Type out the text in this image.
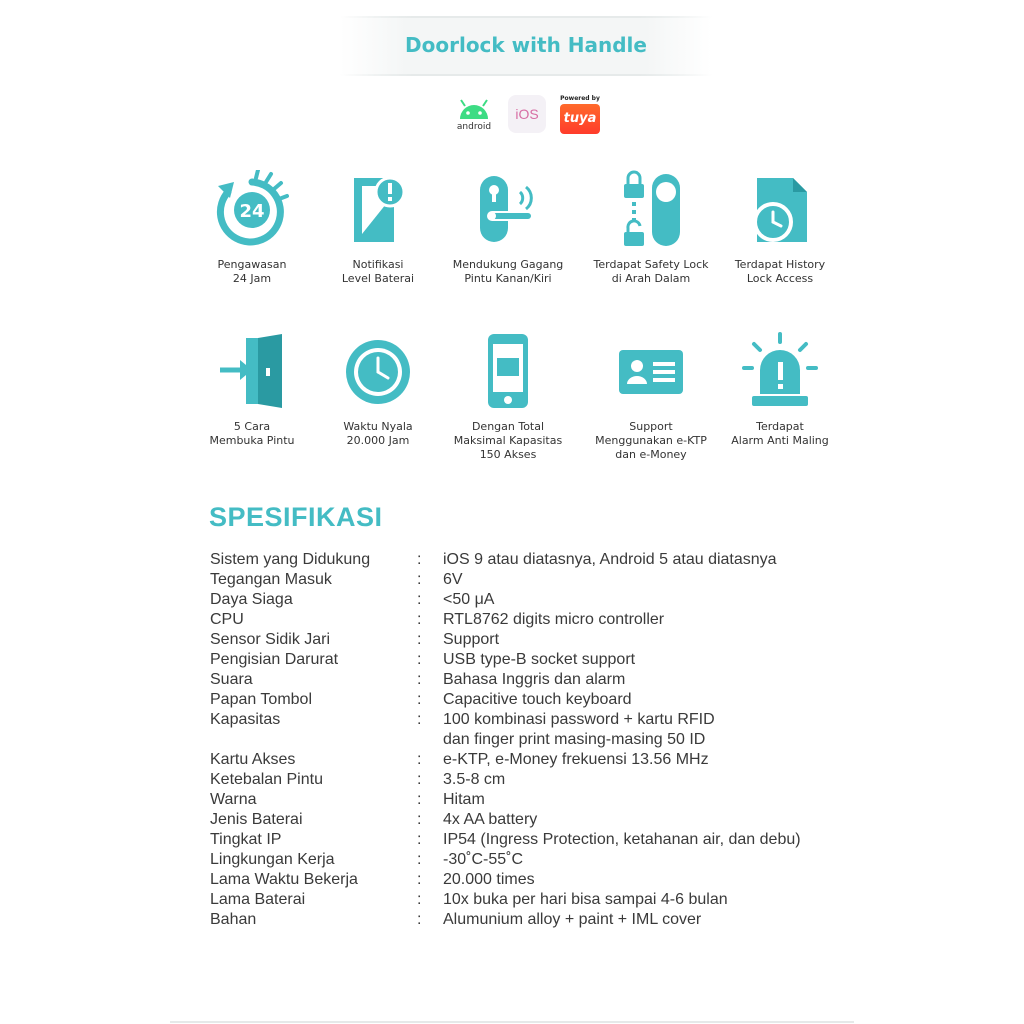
Doorlock with Handle
android
iOS
Powered by
tuya
24
Pengawasan
24 Jam
Notifikasi
Level Baterai
Mendukung Gagang
Pintu Kanan/Kiri
Terdapat Safety Lock
di Arah Dalam
Terdapat History
Lock Access
5 Cara
Membuka Pintu
Waktu Nyala
20.000 Jam
Dengan Total
Maksimal Kapasitas
150 Akses
Support
Menggunakan e-KTP
dan e-Money
Terdapat
Alarm Anti Maling
SPESIFIKASI
Sistem yang Didukung	:	iOS 9 atau diatasnya, Android 5 atau diatasnya
Tegangan Masuk	:	6V
Daya Siaga	:	<50 μA
CPU	:	RTL8762 digits micro controller
Sensor Sidik Jari	:	Support
Pengisian Darurat	:	USB type-B socket support
Suara	:	Bahasa Inggris dan alarm
Papan Tombol	:	Capacitive touch keyboard
Kapasitas	:	100 kombinasi password + kartu RFID
dan finger print masing-masing 50 ID
Kartu Akses	:	e-KTP, e-Money frekuensi 13.56 MHz
Ketebalan Pintu	:	3.5-8 cm
Warna	:	Hitam
Jenis Baterai	:	4x AA battery
Tingkat IP	:	IP54 (Ingress Protection, ketahanan air, dan debu)
Lingkungan Kerja	:	-30˚C-55˚C
Lama Waktu Bekerja	:	20.000 times
Lama Baterai	:	10x buka per hari bisa sampai 4-6 bulan
Bahan	:	Alumunium alloy + paint + IML cover
